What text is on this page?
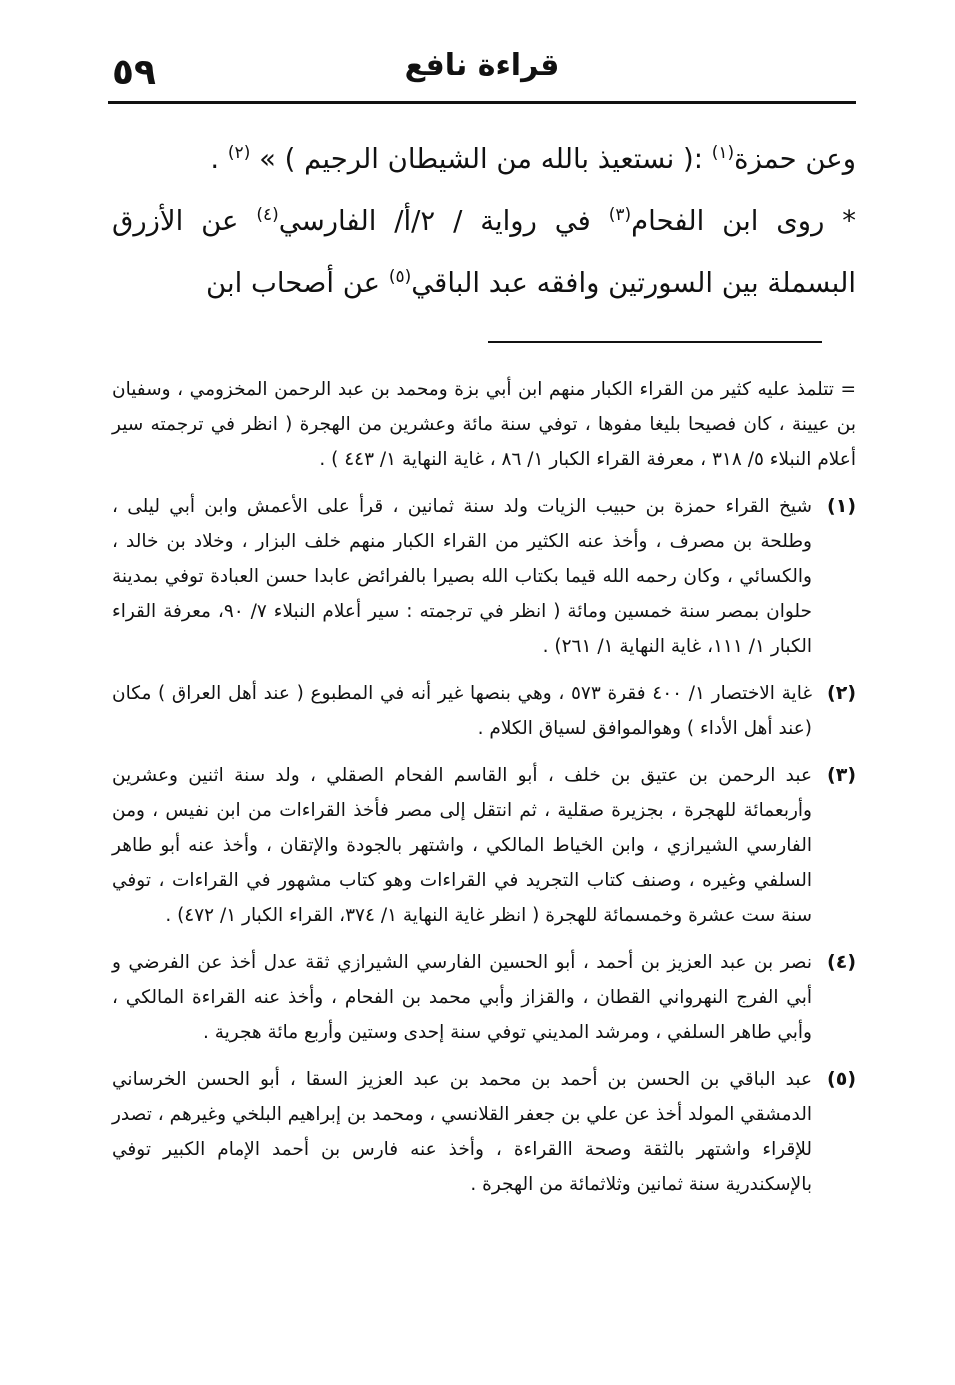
قراءة نافع
٥٩

وعن حمزة$^{(١)}$ :( نستعيذ بالله من الشيطان الرجيم ) » $^{(٢)}$ .

* روى ابن الفحام$^{(٣)}$ في رواية / ٢/أ/ الفارسي$^{(٤)}$ عن الأزرق البسملة بين السورتين وافقه عبد الباقي$^{(٥)}$ عن أصحاب ابن

= تتلمذ عليه كثير من القراء الكبار منهم ابن أبي بزة ومحمد بن عبد الرحمن المخزومي ، وسفيان بن عيينة ، كان فصيحا بليغا مفوها ، توفي سنة مائة وعشرين من الهجرة ( انظر في ترجمته سير أعلام النبلاء ٥/ ٣١٨ ، معرفة القراء الكبار ١/ ٨٦ ، غاية النهاية ١/ ٤٤٣ ) .
(١)
شيخ القراء حمزة بن حبيب الزيات ولد سنة ثمانين ، قرأ على الأعمش وابن أبي ليلى ، وطلحة بن مصرف ، وأخذ عنه الكثير من القراء الكبار منهم خلف البزار ، وخلاد بن خالد ، والكسائي ، وكان رحمه الله قيما بكتاب الله بصيرا بالفرائض عابدا حسن العبادة توفي بمدينة حلوان بمصر سنة خمسين ومائة ( انظر في ترجمته : سير أعلام النبلاء ٧/ ٩٠، معرفة القراء الكبار ١/ ١١١، غاية النهاية ١/ ٢٦١) .
(٢)
غاية الاختصار ١/ ٤٠٠ فقرة ٥٧٣ ، وهي بنصها غير أنه في المطبوع ( عند أهل العراق ) مكان (عند أهل الأداء ) وهوالموافق لسياق الكلام .
(٣)
عبد الرحمن بن عتيق بن خلف ، أبو القاسم الفحام الصقلي ، ولد سنة اثنين وعشرين وأربعمائة للهجرة ، بجزيرة صقلية ، ثم انتقل إلى مصر فأخذ القراءات من ابن نفيس ، ومن الفارسي الشيرازي ، وابن الخياط المالكي ، واشتهر بالجودة والإتقان ، وأخذ عنه أبو طاهر السلفي وغيره ، وصنف كتاب التجريد في القراءات وهو كتاب مشهور في القراءات ، توفي سنة ست عشرة وخمسمائة للهجرة ( انظر غاية النهاية ١/ ٣٧٤، القراء الكبار ١/ ٤٧٢) .
(٤)
نصر بن عبد العزيز بن أحمد ، أبو الحسين الفارسي الشيرازي ثقة عدل أخذ عن الفرضي و أبي الفرج النهرواني القطان ، والقزاز وأبي محمد بن الفحام ، وأخذ عنه القراءة المالكي ، وأبي طاهر السلفي ، ومرشد المديني توفي سنة إحدى وستين وأربع مائة هجرية .
(٥)
عبد الباقي بن الحسن بن أحمد بن محمد بن عبد العزيز السقا ، أبو الحسن الخرساني الدمشقي المولد أخذ عن علي بن جعفر القلانسي ، ومحمد بن إبراهيم البلخي وغيرهم ، تصدر للإقراء واشتهر بالثقة وصحة االقراءة ، وأخذ عنه فارس بن أحمد الإمام الكبير توفي بالإسكندرية سنة ثمانين وثلاثمائة من الهجرة .
